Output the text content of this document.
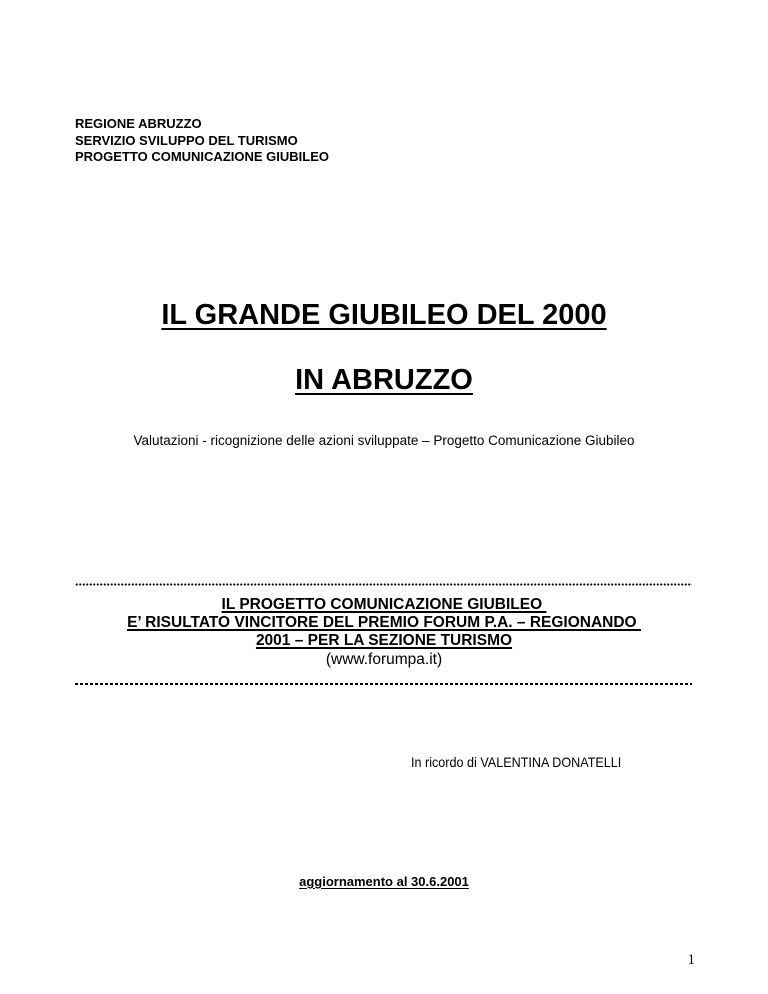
REGIONE ABRUZZO
SERVIZIO SVILUPPO DEL TURISMO
PROGETTO COMUNICAZIONE GIUBILEO
IL GRANDE GIUBILEO DEL 2000
IN ABRUZZO
Valutazioni - ricognizione delle azioni sviluppate – Progetto Comunicazione Giubileo
IL PROGETTO COMUNICAZIONE GIUBILEO
E’ RISULTATO VINCITORE DEL PREMIO FORUM P.A. – REGIONANDO
2001 – PER LA SEZIONE TURISMO
(www.forumpa.it)
In ricordo di VALENTINA DONATELLI
aggiornamento al 30.6.2001
1
